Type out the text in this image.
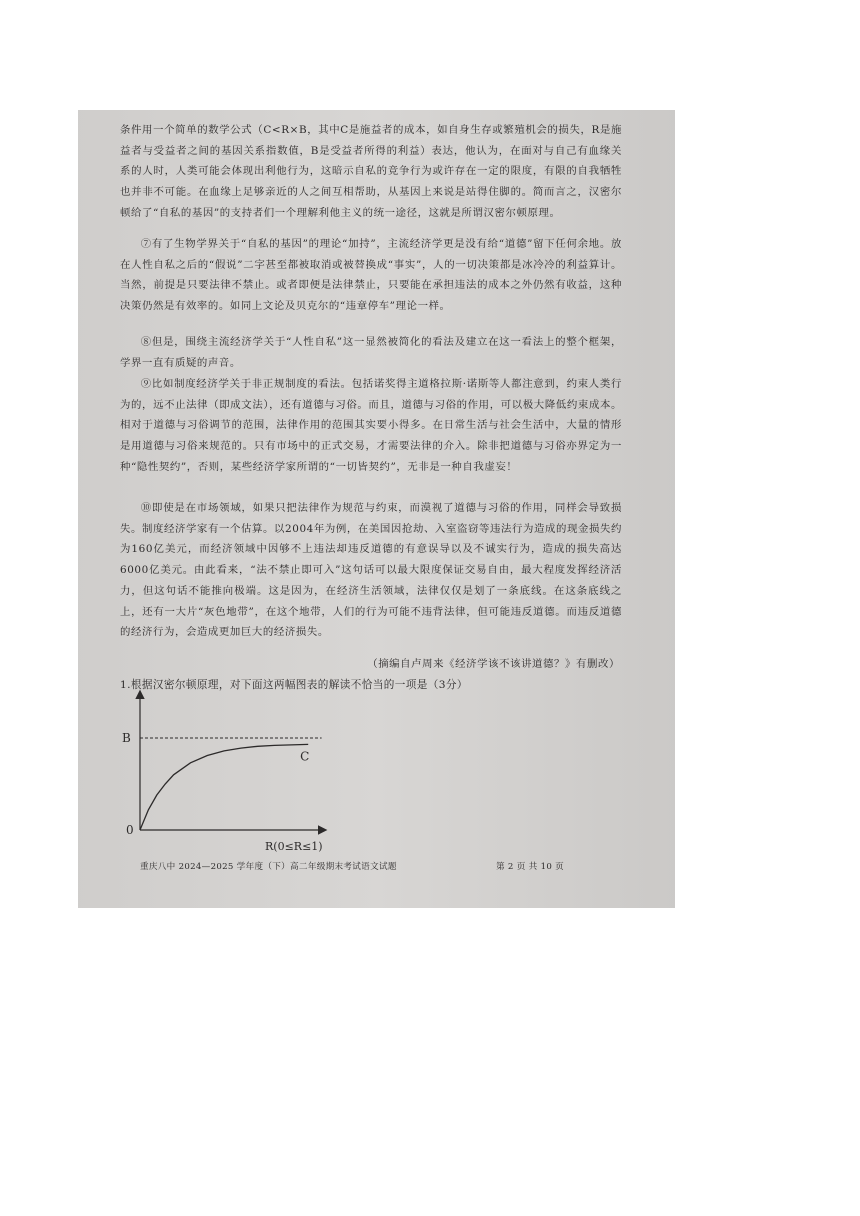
条件用一个简单的数学公式（C<R×B，其中C是施益者的成本，如自身生存或繁殖机会的损失，R是施益者与受益者之间的基因关系指数值，B是受益者所得的利益）表达，他认为，在面对与自己有血缘关系的人时，人类可能会体现出利他行为，这暗示自私的竞争行为或许存在一定的限度，有限的自我牺牲也并非不可能。在血缘上足够亲近的人之间互相帮助，从基因上来说是站得住脚的。简而言之，汉密尔顿给了“自私的基因”的支持者们一个理解利他主义的统一途径，这就是所谓汉密尔顿原理。

⑦有了生物学界关于“自私的基因”的理论“加持”，主流经济学更是没有给“道德”留下任何余地。放在人性自私之后的“假说”二字甚至都被取消或被替换成“事实”，人的一切决策都是冰冷冷的利益算计。当然，前提是只要法律不禁止。或者即便是法律禁止，只要能在承担违法的成本之外仍然有收益，这种决策仍然是有效率的。如同上文论及贝克尔的“违章停车”理论一样。

⑧但是，围绕主流经济学关于“人性自私”这一显然被简化的看法及建立在这一看法上的整个框架，学界一直有质疑的声音。

⑨比如制度经济学关于非正规制度的看法。包括诺奖得主道格拉斯·诺斯等人都注意到，约束人类行为的，远不止法律（即成文法），还有道德与习俗。而且，道德与习俗的作用，可以极大降低约束成本。相对于道德与习俗调节的范围，法律作用的范围其实要小得多。在日常生活与社会生活中，大量的情形是用道德与习俗来规范的。只有市场中的正式交易，才需要法律的介入。除非把道德与习俗亦界定为一种“隐性契约”，否则，某些经济学家所谓的“一切皆契约”，无非是一种自我虚妄！

⑩即使是在市场领域，如果只把法律作为规范与约束，而漠视了道德与习俗的作用，同样会导致损失。制度经济学家有一个估算。以2004年为例，在美国因抢劫、入室盗窃等违法行为造成的现金损失约为160亿美元，而经济领域中因够不上违法却违反道德的有意误导以及不诚实行为，造成的损失高达6000亿美元。由此看来，“法不禁止即可入”这句话可以最大限度保证交易自由，最大程度发挥经济活力，但这句话不能推向极端。这是因为，在经济生活领域，法律仅仅是划了一条底线。在这条底线之上，还有一大片“灰色地带”，在这个地带，人们的行为可能不违背法律，但可能违反道德。而违反道德的经济行为，会造成更加巨大的经济损失。

（摘编自卢周来《经济学该不该讲道德？》有删改）
1.根据汉密尔顿原理，对下面这两幅图表的解读不恰当的一项是（3分）
B
C
0
R(0≤R≤1)
重庆八中 2024—2025 学年度（下）高二年级期末考试语文试题	第 2 页 共 10 页
